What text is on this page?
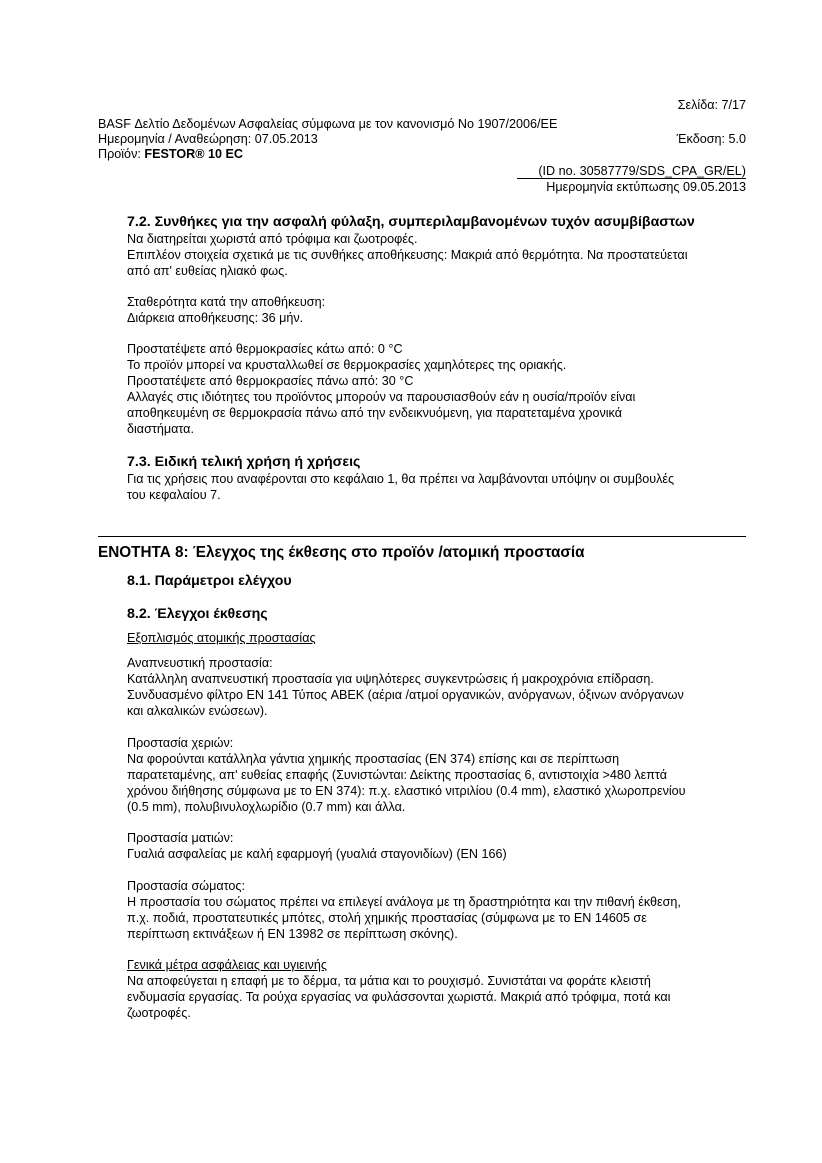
Σελίδα: 7/17
BASF Δελτίο Δεδομένων Ασφαλείας σύμφωνα με τον κανονισμό Νο 1907/2006/ΕΕ
Ημερομηνία / Αναθεώρηση: 07.05.2013	Έκδοση: 5.0
Προϊόν: FESTOR® 10 EC
(ID no. 30587779/SDS_CPA_GR/EL)
Ημερομηνία εκτύπωσης 09.05.2013
7.2. Συνθήκες για την ασφαλή φύλαξη, συμπεριλαμβανομένων τυχόν ασυμβίβαστων
Να διατηρείται χωριστά από τρόφιμα και ζωοτροφές.
Επιπλέον στοιχεία σχετικά με τις συνθήκες αποθήκευσης: Μακριά από θερμότητα. Να προστατεύεται
από απ' ευθείας ηλιακό φως.
Σταθερότητα κατά την αποθήκευση:
Διάρκεια αποθήκευσης: 36 μήν.
Προστατέψετε από θερμοκρασίες κάτω από: 0 °C
Το προϊόν μπορεί να κρυσταλλωθεί σε θερμοκρασίες χαμηλότερες της οριακής.
Προστατέψετε από θερμοκρασίες πάνω από: 30 °C
Αλλαγές στις ιδιότητες του προϊόντος μπορούν να παρουσιασθούν εάν η ουσία/προϊόν είναι
αποθηκευμένη σε θερμοκρασία πάνω από την ενδεικνυόμενη, για παρατεταμένα χρονικά
διαστήματα.
7.3. Ειδική τελική χρήση ή χρήσεις
Για τις χρήσεις που αναφέρονται στο κεφάλαιο 1, θα πρέπει να λαμβάνονται υπόψην οι συμβουλές
του κεφαλαίου 7.
ΕΝΟΤΗΤΑ 8: Έλεγχος της έκθεσης στο προϊόν /ατομική προστασία
8.1. Παράμετροι ελέγχου
8.2. Έλεγχοι έκθεσης
Εξοπλισμός ατομικής προστασίας
Αναπνευστική προστασία:
Κατάλληλη αναπνευστική προστασία για υψηλότερες συγκεντρώσεις ή μακροχρόνια επίδραση.
Συνδυασμένο φίλτρο EN 141 Τύπος ABEK (αέρια /ατμοί οργανικών, ανόργανων, όξινων ανόργανων
και αλκαλικών ενώσεων).
Προστασία χεριών:
Να φορούνται κατάλληλα γάντια χημικής προστασίας (EN 374) επίσης και σε περίπτωση
παρατεταμένης, απ' ευθείας επαφής (Συνιστώνται: Δείκτης προστασίας 6, αντιστοιχία >480 λεπτά
χρόνου διήθησης σύμφωνα με το EN 374): π.χ. ελαστικό νιτριλίου (0.4 mm), ελαστικό χλωροπρενίου
(0.5 mm), πολυβινυλοχλωρίδιο (0.7 mm) και άλλα.
Προστασία ματιών:
Γυαλιά ασφαλείας με καλή εφαρμογή (γυαλιά σταγονιδίων) (EN 166)
Προστασία σώματος:
Η προστασία του σώματος πρέπει να επιλεγεί ανάλογα με τη δραστηριότητα και την πιθανή έκθεση,
π.χ. ποδιά, προστατευτικές μπότες, στολή χημικής προστασίας (σύμφωνα με το EN 14605 σε
περίπτωση εκτινάξεων ή EN 13982 σε περίπτωση σκόνης).
Γενικά μέτρα ασφάλειας και υγιεινής
Να αποφεύγεται η επαφή με το δέρμα, τα μάτια και το ρουχισμό. Συνιστάται να φοράτε κλειστή
ενδυμασία εργασίας. Τα ρούχα εργασίας να φυλάσσονται χωριστά. Μακριά από τρόφιμα, ποτά και
ζωοτροφές.
